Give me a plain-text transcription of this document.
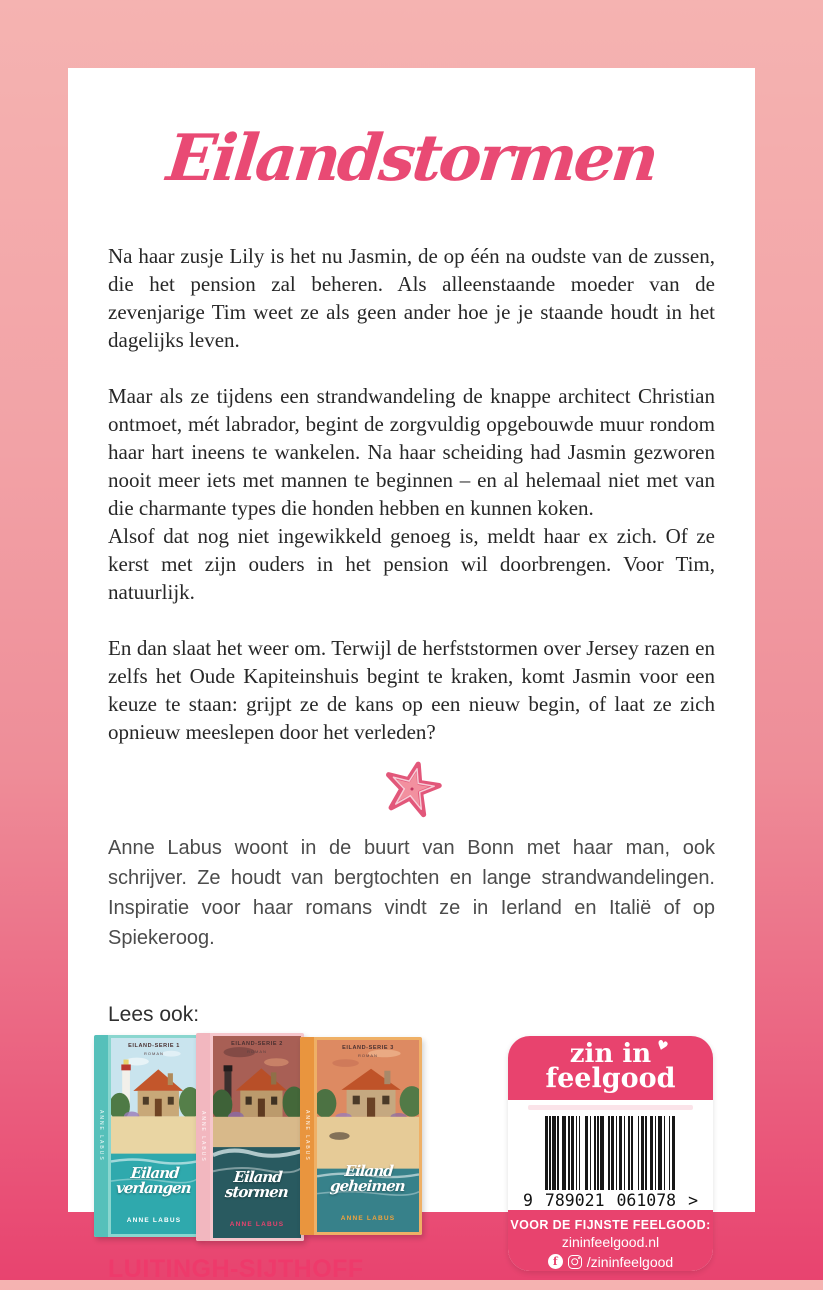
Eilandstormen

Na haar zusje Lily is het nu Jasmin, de op één na oudste van de zussen, die het pension zal beheren. Als alleenstaande moeder van de zevenjarige Tim weet ze als geen ander hoe je je staande houdt in het dagelijks leven.

Maar als ze tijdens een strandwandeling de knappe architect Christian ontmoet, mét labrador, begint de zorgvuldig opgebouwde muur rondom haar hart ineens te wankelen. Na haar scheiding had Jasmin gezworen nooit meer iets met mannen te beginnen – en al helemaal niet met van die charmante types die honden hebben en kunnen koken.

Alsof dat nog niet ingewikkeld genoeg is, meldt haar ex zich. Of ze kerst met zijn ouders in het pension wil doorbrengen. Voor Tim, natuurlijk.

En dan slaat het weer om. Terwijl de herfststormen over Jersey razen en zelfs het Oude Kapiteinshuis begint te kraken, komt Jasmin voor een keuze te staan: grijpt ze de kans op een nieuw begin, of laat ze zich opnieuw meeslepen door het verleden?

Anne Labus woont in de buurt van Bonn met haar man, ook schrijver. Ze houdt van bergtochten en lange strandwandelingen. Inspiratie voor haar romans vindt ze in Ierland en Italië of op Spiekeroog.

Lees ook:
ANNE LABUS
EILAND-SERIE 1
ROMAN
Eiland
verlangen
ANNE LABUS
ANNE LABUS
EILAND-SERIE 2
ROMAN
Eiland
stormen
ANNE LABUS
ANNE LABUS
EILAND-SERIE 3
ROMAN
Eiland
geheimen
ANNE LABUS
LUITINGH-SIJTHOFF
zin in ♥
feelgood
9 789021 061078 >
VOOR DE FIJNSTE FEELGOOD:
zininfeelgood.nl
f	/zininfeelgood
